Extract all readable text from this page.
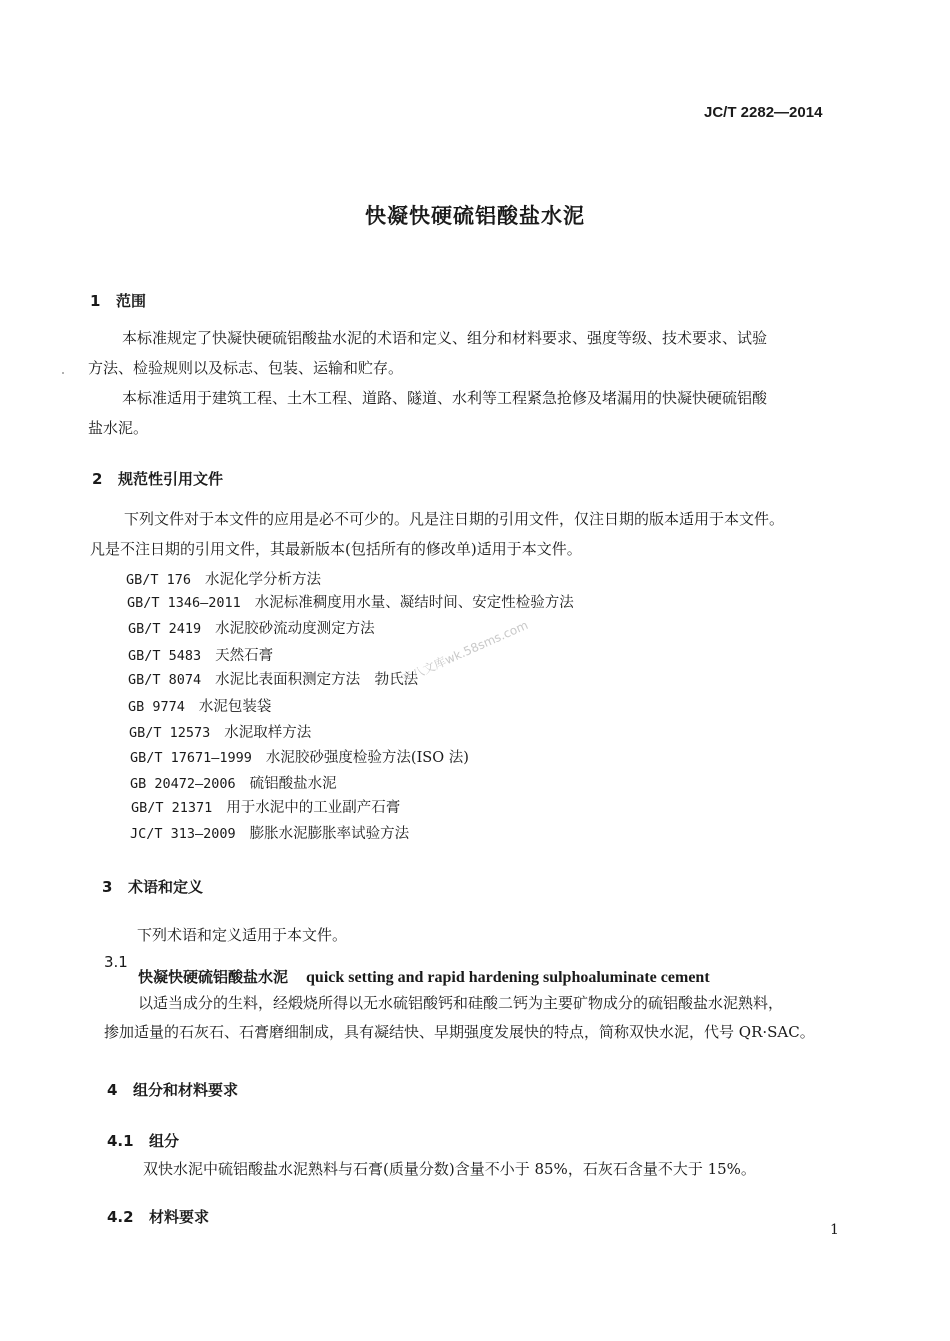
JC/T 2282—2014
快凝快硬硫铝酸盐水泥
1 范围
本标准规定了快凝快硬硫铝酸盐水泥的术语和定义、组分和材料要求、强度等级、技术要求、试验
方法、检验规则以及标志、包装、运输和贮存。
本标准适用于建筑工程、土木工程、道路、隧道、水利等工程紧急抢修及堵漏用的快凝快硬硫铝酸
盐水泥。
2 规范性引用文件
下列文件对于本文件的应用是必不可少的。凡是注日期的引用文件，仅注日期的版本适用于本文件。
凡是不注日期的引用文件，其最新版本(包括所有的修改单)适用于本文件。
GB/T 176 水泥化学分析方法
GB/T 1346—2011 水泥标准稠度用水量、凝结时间、安定性检验方法
GB/T 2419 水泥胶砂流动度测定方法
GB/T 5483 天然石膏
GB/T 8074 水泥比表面积测定方法　勃氏法
GB 9774 水泥包装袋
GB/T 12573 水泥取样方法
GB/T 17671—1999 水泥胶砂强度检验方法(ISO 法)
GB 20472—2006 硫铝酸盐水泥
GB/T 21371 用于水泥中的工业副产石膏
JC/T 313—2009 膨胀水泥膨胀率试验方法
3 术语和定义
下列术语和定义适用于本文件。
3.1
快凝快硬硫铝酸盐水泥 quick setting and rapid hardening sulphoaluminate cement
以适当成分的生料，经煅烧所得以无水硫铝酸钙和硅酸二钙为主要矿物成分的硫铝酸盐水泥熟料，
掺加适量的石灰石、石膏磨细制成，具有凝结快、早期强度发展快的特点，简称双快水泥，代号 QR·SAC。
4 组分和材料要求
4.1 组分
双快水泥中硫铝酸盐水泥熟料与石膏(质量分数)含量不小于 85%，石灰石含量不大于 15%。
4.2 材料要求
1
五八文库wk.58sms.com
